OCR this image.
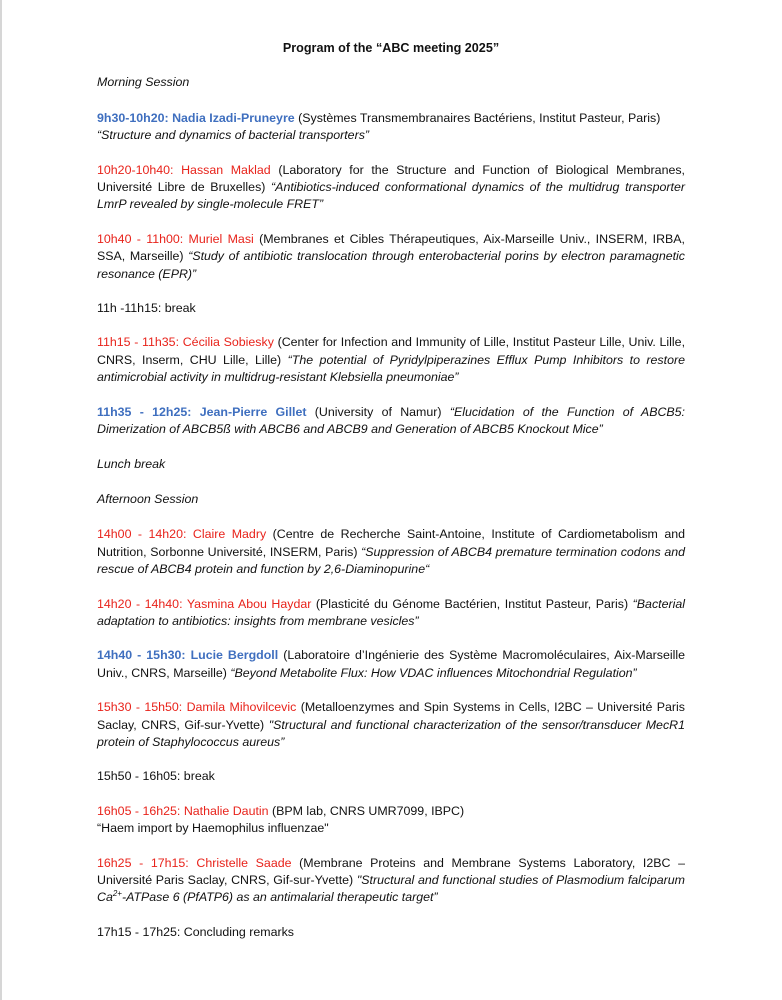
Program of the “ABC meeting 2025”
Morning Session
9h30-10h20: Nadia Izadi-Pruneyre (Systèmes Transmembranaires Bactériens, Institut Pasteur, Paris)
“Structure and dynamics of bacterial transporters”
10h20-10h40: Hassan Maklad (Laboratory for the Structure and Function of Biological Membranes, Université Libre de Bruxelles) “Antibiotics-induced conformational dynamics of the multidrug transporter LmrP revealed by single-molecule FRET”
10h40 - 11h00: Muriel Masi (Membranes et Cibles Thérapeutiques, Aix-Marseille Univ., INSERM, IRBA, SSA, Marseille) “Study of antibiotic translocation through enterobacterial porins by electron paramagnetic resonance (EPR)”
11h -11h15: break
11h15 - 11h35: Cécilia Sobiesky (Center for Infection and Immunity of Lille, Institut Pasteur Lille, Univ. Lille, CNRS, Inserm, CHU Lille, Lille) “The potential of Pyridylpiperazines Efflux Pump Inhibitors to restore antimicrobial activity in multidrug-resistant Klebsiella pneumoniae”
11h35 - 12h25: Jean-Pierre Gillet (University of Namur) “Elucidation of the Function of ABCB5: Dimerization of ABCB5ß with ABCB6 and ABCB9 and Generation of ABCB5 Knockout Mice”
Lunch break
Afternoon Session
14h00 - 14h20: Claire Madry (Centre de Recherche Saint-Antoine, Institute of Cardiometabolism and Nutrition, Sorbonne Université, INSERM, Paris) “Suppression of ABCB4 premature termination codons and rescue of ABCB4 protein and function by 2,6-Diaminopurine“
14h20 - 14h40: Yasmina Abou Haydar (Plasticité du Génome Bactérien, Institut Pasteur, Paris) “Bacterial adaptation to antibiotics: insights from membrane vesicles”
14h40 - 15h30: Lucie Bergdoll (Laboratoire d’Ingénierie des Système Macromoléculaires, Aix-Marseille Univ., CNRS, Marseille) “Beyond Metabolite Flux: How VDAC influences Mitochondrial Regulation”
15h30 - 15h50: Damila Mihovilcevic (Metalloenzymes and Spin Systems in Cells, I2BC – Université Paris Saclay, CNRS, Gif-sur-Yvette) "Structural and functional characterization of the sensor/transducer MecR1 protein of Staphylococcus aureus”
15h50 - 16h05: break
16h05 - 16h25: Nathalie Dautin (BPM lab, CNRS UMR7099, IBPC)
“Haem import by Haemophilus influenzae"
16h25 - 17h15: Christelle Saade (Membrane Proteins and Membrane Systems Laboratory, I2BC – Université Paris Saclay, CNRS, Gif-sur-Yvette) "Structural and functional studies of Plasmodium falciparum $Ca^{2+}$-ATPase 6 (PfATP6) as an antimalarial therapeutic target”
17h15 - 17h25: Concluding remarks
